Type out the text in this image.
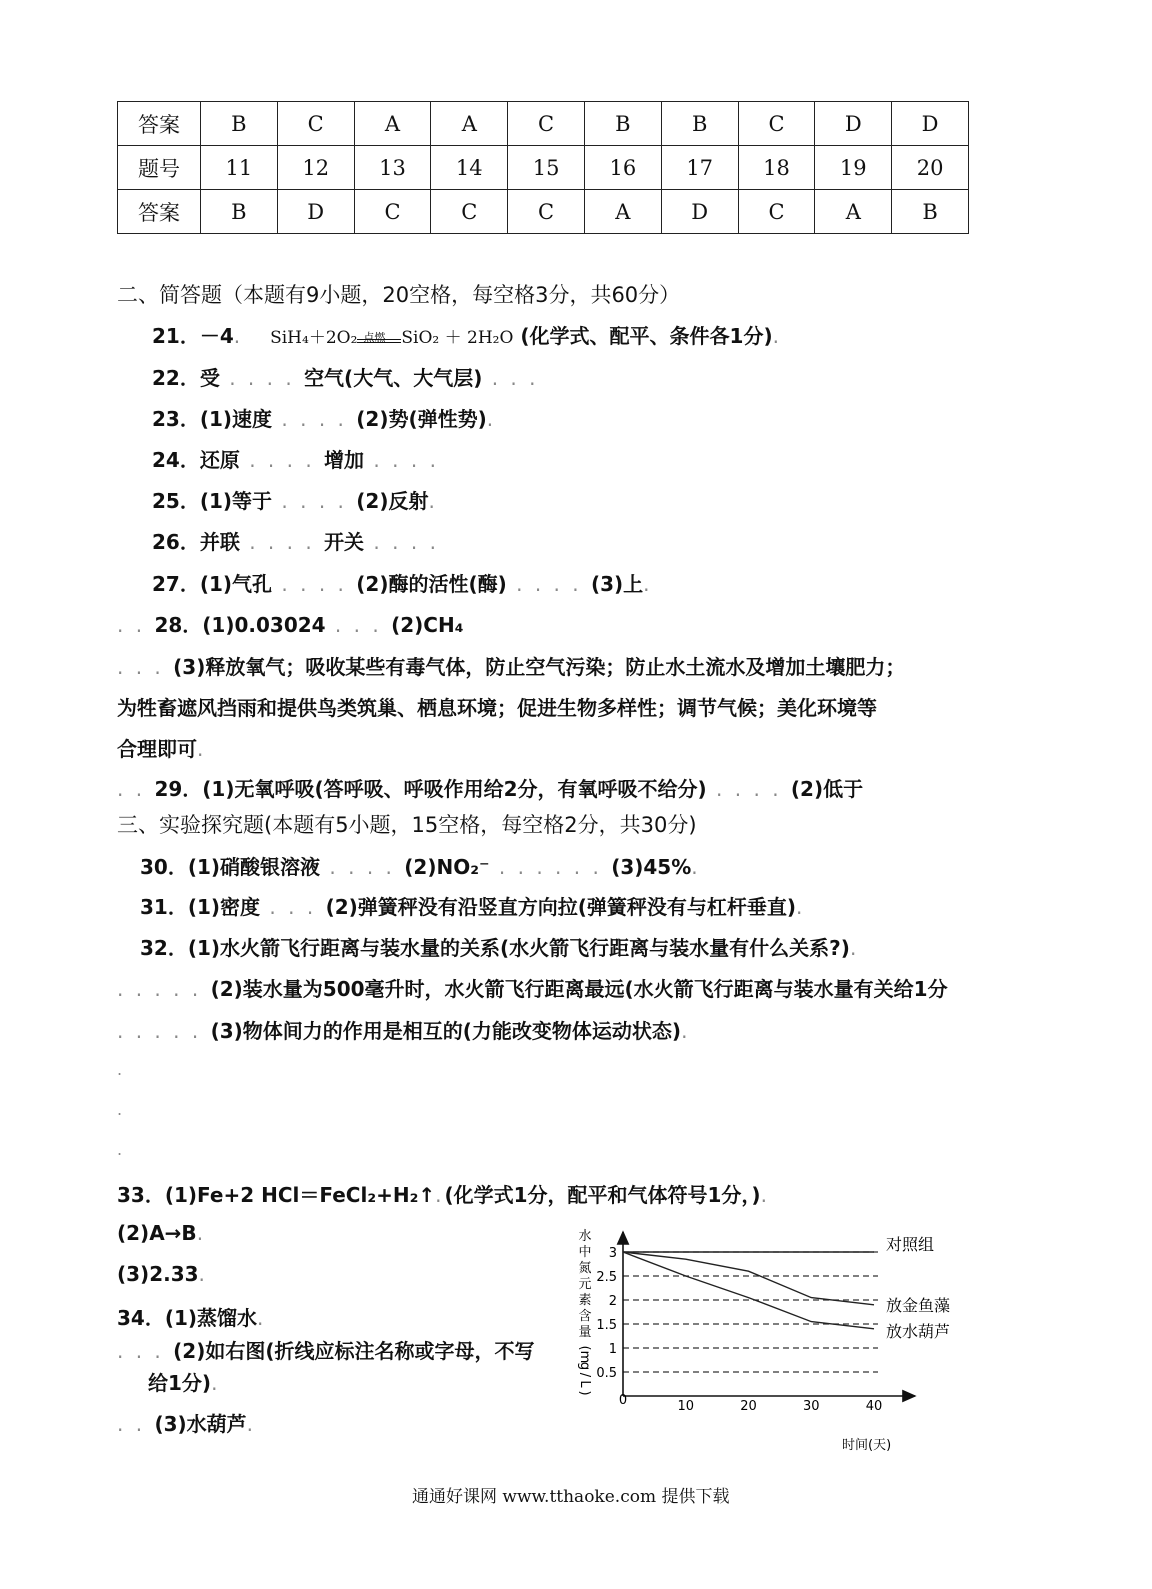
答案	B	C	A	A	C	B	B	C	D	D
题号	11	12	13	14	15	16	17	18	19	20
答案	B	D	C	C	C	A	D	C	A	B
二、简答题（本题有9小题，20空格，每空格3分，共60分）
21．－4. SiH₄＋2O₂ 点燃 SiO₂ ＋ 2H₂O (化学式、配平、条件各1分).
22．受 . . . . 空气(大气、大气层) . . .
23．(1)速度 . . . . (2)势(弹性势).
24．还原 . . . . 增加 . . . .
25．(1)等于 . . . . (2)反射.
26．并联 . . . . 开关 . . . .
27．(1)气孔 . . . . (2)酶的活性(酶) . . . . (3)上.
. . 28．(1)0.03024 . . . (2)CH₄
. . . (3)释放氧气；吸收某些有毒气体，防止空气污染；防止水土流水及增加土壤肥力；
为牲畜遮风挡雨和提供鸟类筑巢、栖息环境；促进生物多样性；调节气候；美化环境等
合理即可.
. . 29．(1)无氧呼吸(答呼吸、呼吸作用给2分，有氧呼吸不给分) . . . . (2)低于
三、实验探究题(本题有5小题，15空格，每空格2分，共30分)
30．(1)硝酸银溶液 . . . . (2)NO₂⁻ . . . . . . (3)45%.
31．(1)密度 . . . (2)弹簧秤没有沿竖直方向拉(弹簧秤没有与杠杆垂直).
32．(1)水火箭飞行距离与装水量的关系(水火箭飞行距离与装水量有什么关系?).
. . . . . (2)装水量为500毫升时，水火箭飞行距离最远(水火箭飞行距离与装水量有关给1分
. . . . . (3)物体间力的作用是相互的(力能改变物体运动状态).
.
.
.
33．(1)Fe+2 HCl＝FeCl₂+H₂↑.(化学式1分，配平和气体符号1分，).
(2)A→B.
(3)2.33.
34．(1)蒸馏水.
. . . (2)如右图(折线应标注名称或字母，不写
给1分).
. . (3)水葫芦.
水
中
氮
元
素
含
量
(
m
g
/
L
)
0.5
1
1.5
2
2.5
3
0	10	20	30	40
对照组
放金鱼藻
放水葫芦
时间(天)
通通好课网 www.tthaoke.com 提供下载
